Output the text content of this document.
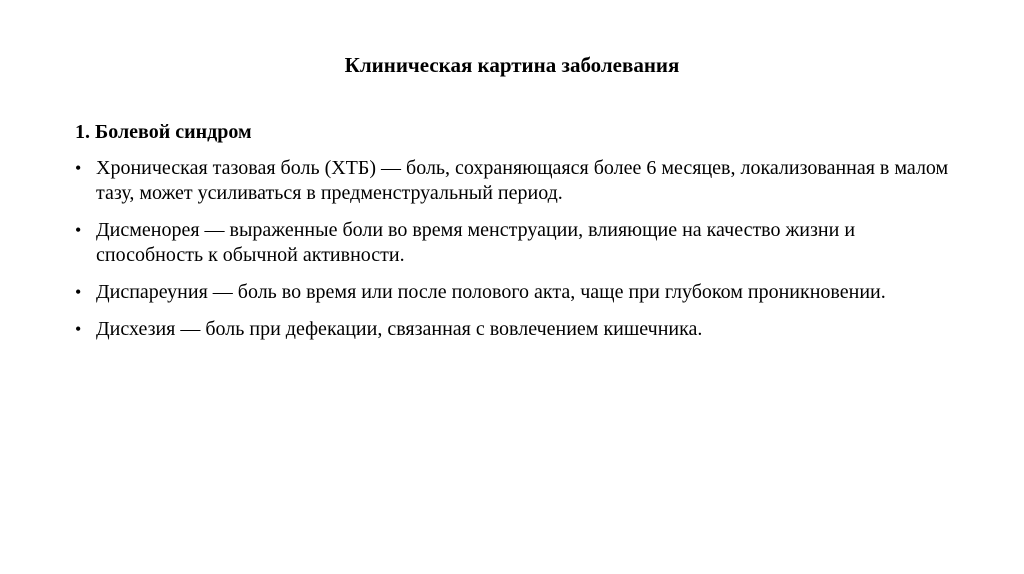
Клиническая картина заболевания
1. Болевой синдром
• Хроническая тазовая боль (ХТБ) — боль, сохраняющаяся более 6 месяцев, локализованная в малом тазу, может усиливаться в предменструальный период.
• Дисменорея — выраженные боли во время менструации, влияющие на качество жизни и способность к обычной активности.
• Диспареуния — боль во время или после полового акта, чаще при глубоком проникновении.
• Дисхезия — боль при дефекации, связанная с вовлечением кишечника.
